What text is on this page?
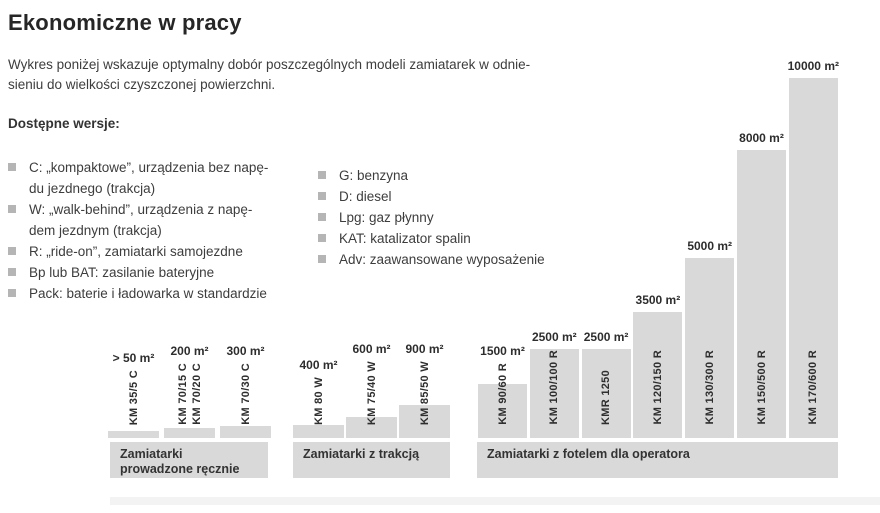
Ekonomiczne w pracy
Wykres poniżej wskazuje optymalny dobór poszczególnych modeli zamiatarek w odnie-
sieniu do wielkości czyszczonej powierzchni.
Dostępne wersje:
C: „kompaktowe”, urządzenia bez napę-
du jezdnego (trakcja)
W: „walk-behind”, urządzenia z napę-
dem jezdnym (trakcja)
R: „ride-on”, zamiatarki samojezdne
Bp lub BAT: zasilanie bateryjne
Pack: baterie i ładowarka w standardzie
G: benzyna
D: diesel
Lpg: gaz płynny
KAT: katalizator spalin
Adv: zaawansowane wyposażenie
KM 35/5 C
> 50 m²
KM 70/15 C KM 70/20 C
200 m²
KM 70/30 C
300 m²
Zamiatarki prowadzone ręcznie
KM 80 W
400 m²	KM 75/40 W
600 m²
KM 85/50 W
900 m²
Zamiatarki z trakcją
KM 90/60 R
1500 m²	KM 100/100 R
2500 m²
KMR 1250
2500 m²
KM 120/150 R
3500 m²
KM 130/300 R
5000 m²
KM 150/500 R
8000 m²
KM 170/600 R
10000 m²
Zamiatarki z fotelem dla operatora
